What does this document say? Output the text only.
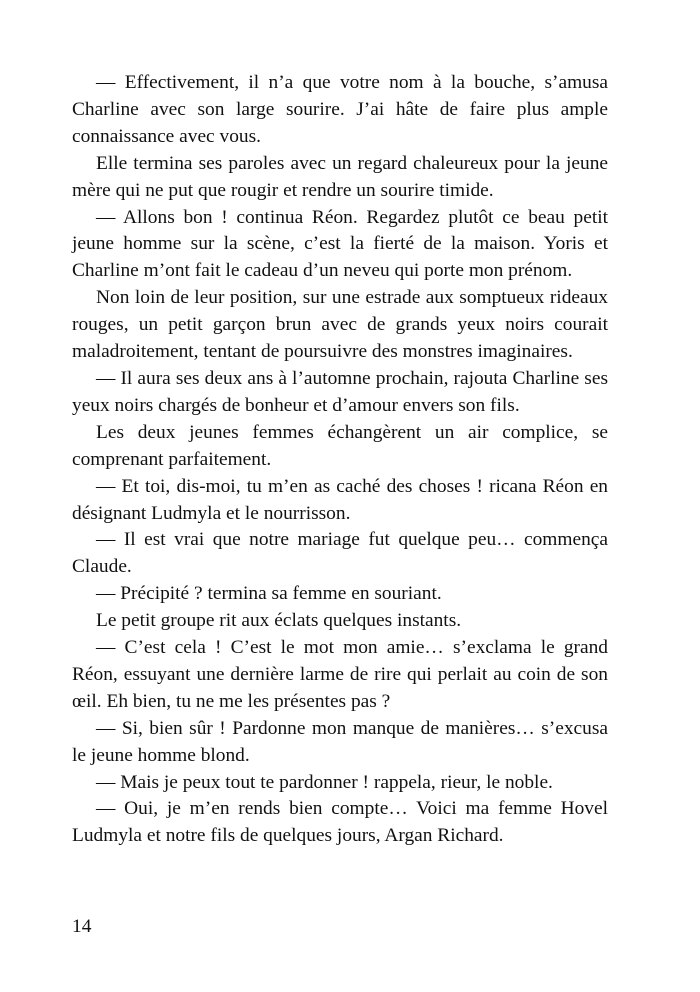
— Effectivement, il n’a que votre nom à la bouche, s’amusa Charline avec son large sourire. J’ai hâte de faire plus ample connaissance avec vous.

Elle termina ses paroles avec un regard chaleureux pour la jeune mère qui ne put que rougir et rendre un sourire timide.

— Allons bon ! continua Réon. Regardez plutôt ce beau petit jeune homme sur la scène, c’est la fierté de la maison. Yoris et Charline m’ont fait le cadeau d’un neveu qui porte mon prénom.

Non loin de leur position, sur une estrade aux somptueux rideaux rouges, un petit garçon brun avec de grands yeux noirs courait maladroitement, tentant de poursuivre des monstres imaginaires.

— Il aura ses deux ans à l’automne prochain, rajouta Charline ses yeux noirs chargés de bonheur et d’amour envers son fils.

Les deux jeunes femmes échangèrent un air complice, se comprenant parfaitement.

— Et toi, dis-moi, tu m’en as caché des choses ! ricana Réon en désignant Ludmyla et le nourrisson.

— Il est vrai que notre mariage fut quelque peu… commença Claude.

— Précipité ? termina sa femme en souriant.

Le petit groupe rit aux éclats quelques instants.

— C’est cela ! C’est le mot mon amie… s’exclama le grand Réon, essuyant une dernière larme de rire qui perlait au coin de son œil. Eh bien, tu ne me les présentes pas ?

— Si, bien sûr ! Pardonne mon manque de manières… s’excusa le jeune homme blond.

— Mais je peux tout te pardonner ! rappela, rieur, le noble.

— Oui, je m’en rends bien compte… Voici ma femme Hovel Ludmyla et notre fils de quelques jours, Argan Richard.

14
